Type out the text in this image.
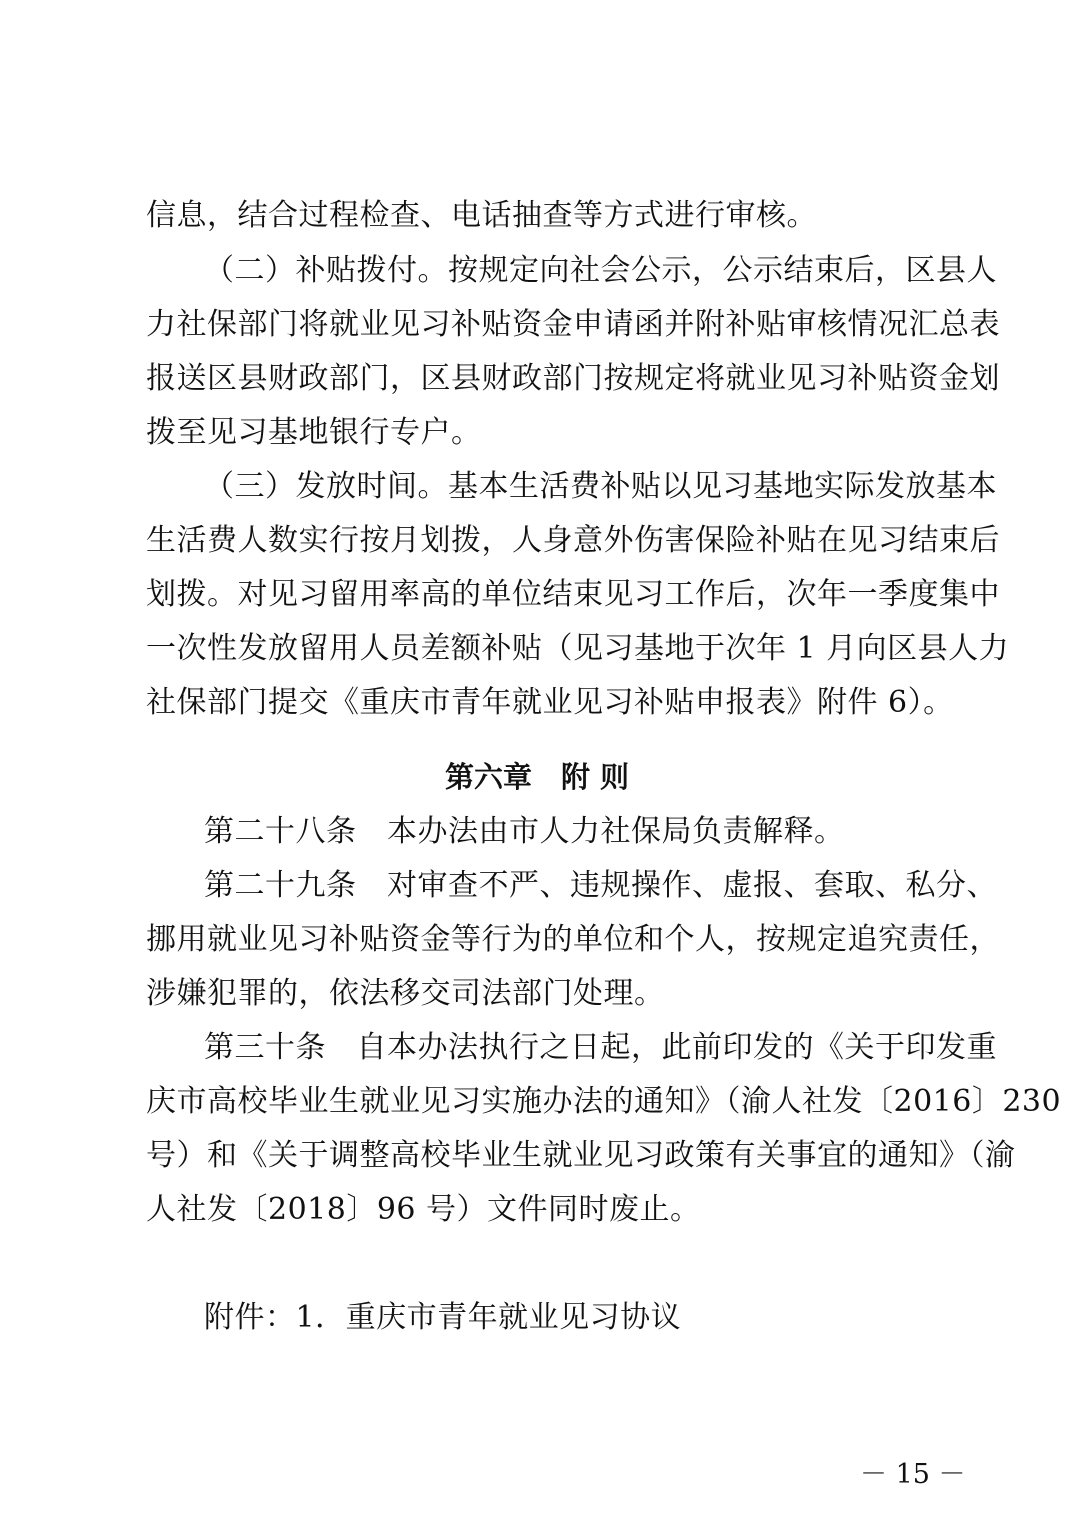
信息，结合过程检查、电话抽查等方式进行审核。
（二）补贴拨付。按规定向社会公示，公示结束后，区县人
力社保部门将就业见习补贴资金申请函并附补贴审核情况汇总表
报送区县财政部门，区县财政部门按规定将就业见习补贴资金划
拨至见习基地银行专户。
（三）发放时间。基本生活费补贴以见习基地实际发放基本
生活费人数实行按月划拨，人身意外伤害保险补贴在见习结束后
划拨。对见习留用率高的单位结束见习工作后，次年一季度集中
一次性发放留用人员差额补贴（见习基地于次年 1 月向区县人力
社保部门提交《重庆市青年就业见习补贴申报表》附件 6）。
第六章　附 则
第二十八条　本办法由市人力社保局负责解释。
第二十九条　对审查不严、违规操作、虚报、套取、私分、
挪用就业见习补贴资金等行为的单位和个人，按规定追究责任，
涉嫌犯罪的，依法移交司法部门处理。
第三十条　自本办法执行之日起，此前印发的《关于印发重
庆市高校毕业生就业见习实施办法的通知》（渝人社发〔2016〕230
号）和《关于调整高校毕业生就业见习政策有关事宜的通知》（渝
人社发〔2018〕96 号）文件同时废止。
附件：1．重庆市青年就业见习协议
－ 15 －
